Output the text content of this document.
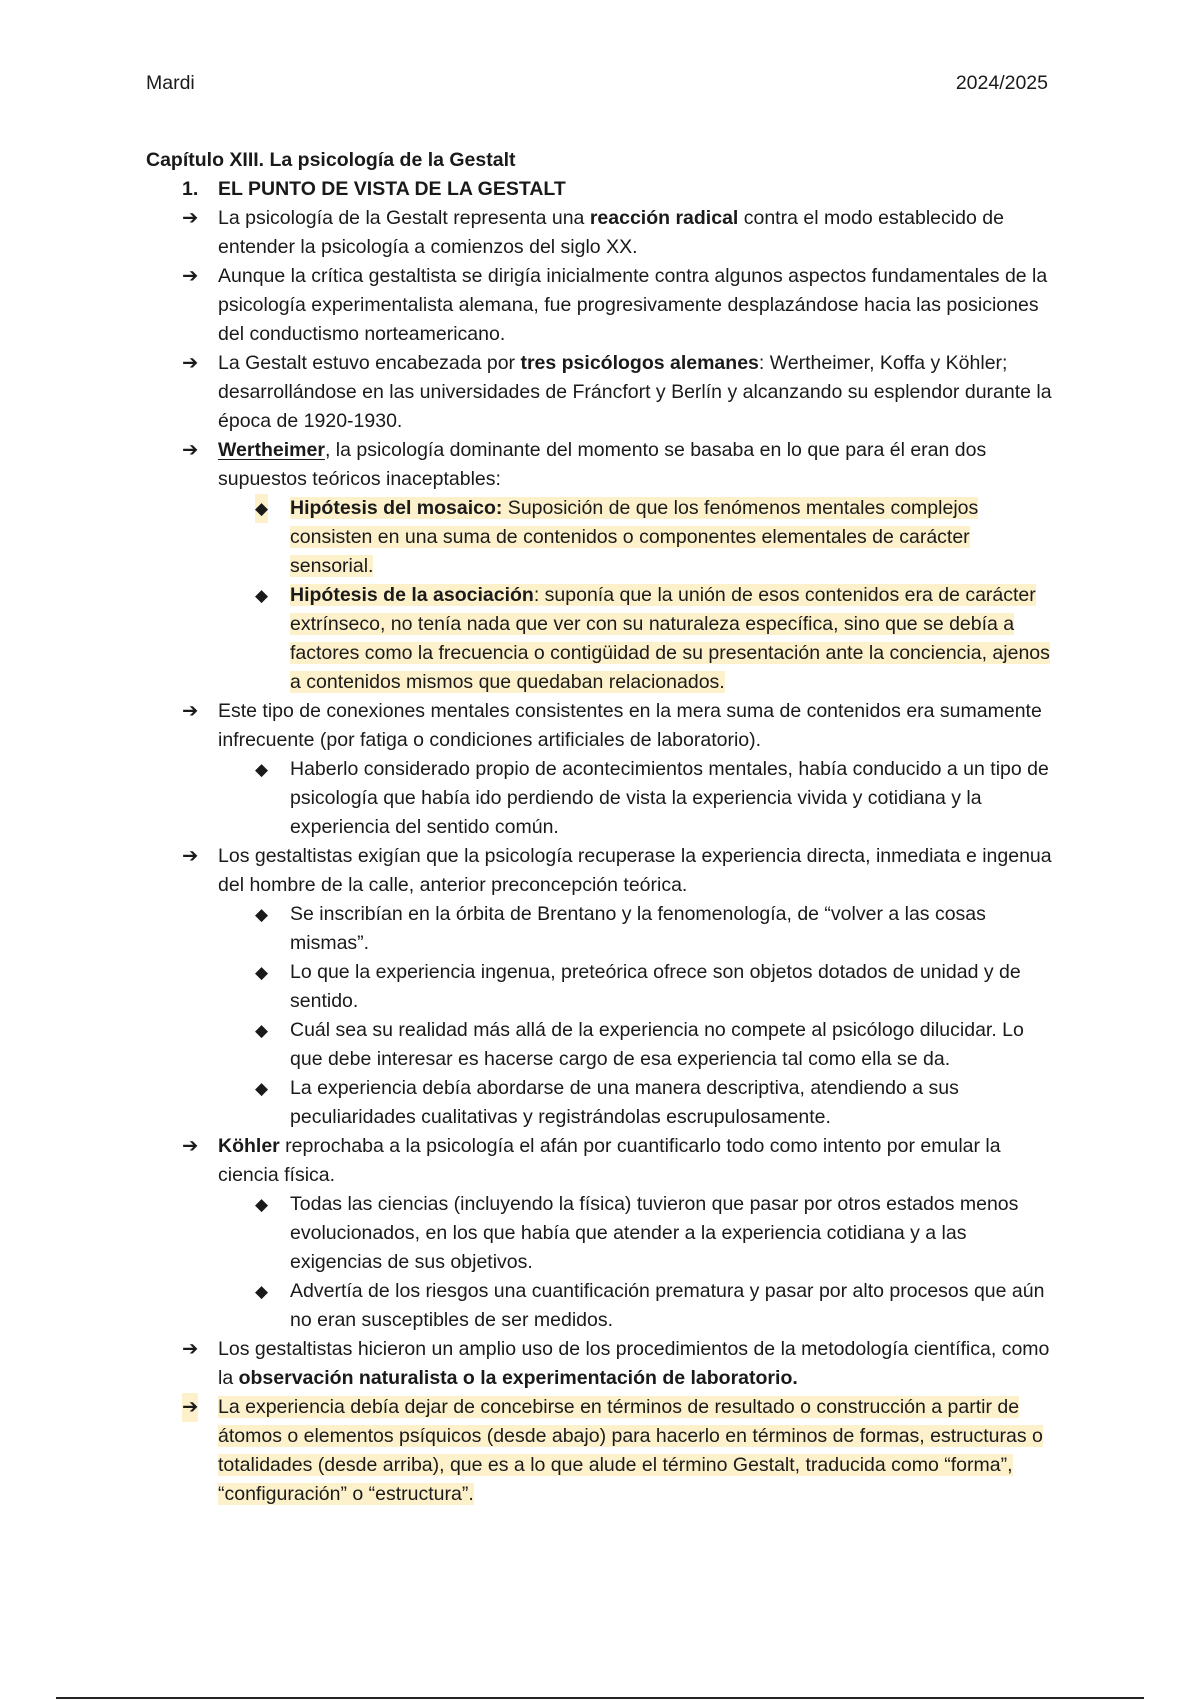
Mardi	2024/2025
Capítulo XIII. La psicología de la Gestalt
1. EL PUNTO DE VISTA DE LA GESTALT
➔ La psicología de la Gestalt representa una reacción radical contra el modo establecido de entender la psicología a comienzos del siglo XX.
➔ Aunque la crítica gestaltista se dirigía inicialmente contra algunos aspectos fundamentales de la psicología experimentalista alemana, fue progresivamente desplazándose hacia las posiciones del conductismo norteamericano.
➔ La Gestalt estuvo encabezada por tres psicólogos alemanes: Wertheimer, Koffa y Köhler; desarrollándose en las universidades de Fráncfort y Berlín y alcanzando su esplendor durante la época de 1920-1930.
➔ Wertheimer, la psicología dominante del momento se basaba en lo que para él eran dos supuestos teóricos inaceptables:
◆ Hipótesis del mosaico: Suposición de que los fenómenos mentales complejos consisten en una suma de contenidos o componentes elementales de carácter sensorial.
◆ Hipótesis de la asociación: suponía que la unión de esos contenidos era de carácter extrínseco, no tenía nada que ver con su naturaleza específica, sino que se debía a factores como la frecuencia o contigüidad de su presentación ante la conciencia, ajenos a contenidos mismos que quedaban relacionados.
➔ Este tipo de conexiones mentales consistentes en la mera suma de contenidos era sumamente infrecuente (por fatiga o condiciones artificiales de laboratorio).
◆ Haberlo considerado propio de acontecimientos mentales, había conducido a un tipo de psicología que había ido perdiendo de vista la experiencia vivida y cotidiana y la experiencia del sentido común.
➔ Los gestaltistas exigían que la psicología recuperase la experiencia directa, inmediata e ingenua del hombre de la calle, anterior preconcepción teórica.
◆ Se inscribían en la órbita de Brentano y la fenomenología, de “volver a las cosas mismas”.
◆ Lo que la experiencia ingenua, preteórica ofrece son objetos dotados de unidad y de sentido.
◆ Cuál sea su realidad más allá de la experiencia no compete al psicólogo dilucidar. Lo que debe interesar es hacerse cargo de esa experiencia tal como ella se da.
◆ La experiencia debía abordarse de una manera descriptiva, atendiendo a sus peculiaridades cualitativas y registrándolas escrupulosamente.
➔ Köhler reprochaba a la psicología el afán por cuantificarlo todo como intento por emular la ciencia física.
◆ Todas las ciencias (incluyendo la física) tuvieron que pasar por otros estados menos evolucionados, en los que había que atender a la experiencia cotidiana y a las exigencias de sus objetivos.
◆ Advertía de los riesgos una cuantificación prematura y pasar por alto procesos que aún no eran susceptibles de ser medidos.
➔ Los gestaltistas hicieron un amplio uso de los procedimientos de la metodología científica, como la observación naturalista o la experimentación de laboratorio.
➔ La experiencia debía dejar de concebirse en términos de resultado o construcción a partir de átomos o elementos psíquicos (desde abajo) para hacerlo en términos de formas, estructuras o totalidades (desde arriba), que es a lo que alude el término Gestalt, traducida como “forma”, “configuración” o “estructura”.
